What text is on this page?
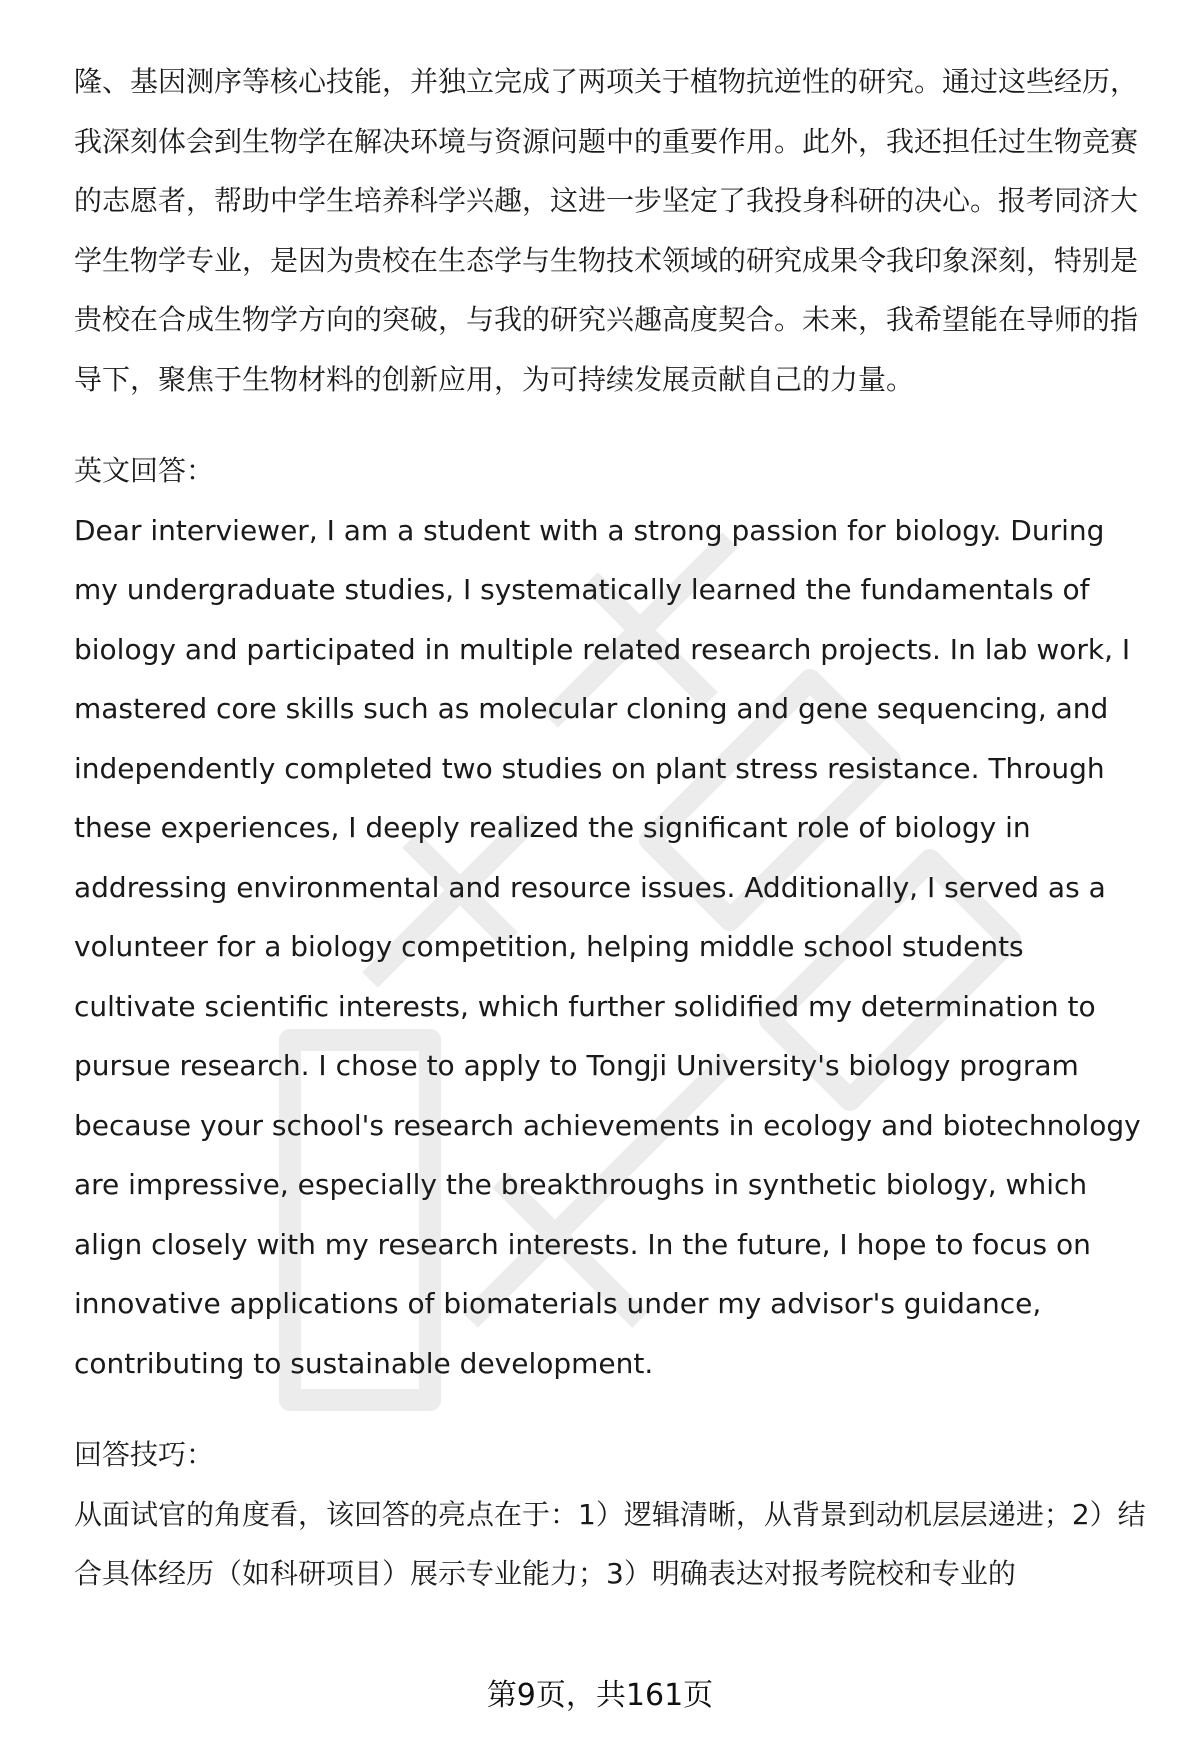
隆、基因测序等核心技能，并独立完成了两项关于植物抗逆性的研究。通过这些经历，我深刻体会到生物学在解决环境与资源问题中的重要作用。此外，我还担任过生物竞赛的志愿者，帮助中学生培养科学兴趣，这进一步坚定了我投身科研的决心。报考同济大学生物学专业，是因为贵校在生态学与生物技术领域的研究成果令我印象深刻，特别是贵校在合成生物学方向的突破，与我的研究兴趣高度契合。未来，我希望能在导师的指导下，聚焦于生物材料的创新应用，为可持续发展贡献自己的力量。

英文回答：

Dear interviewer, I am a student with a strong passion for biology. During my undergraduate studies, I systematically learned the fundamentals of biology and participated in multiple related research projects. In lab work, I mastered core skills such as molecular cloning and gene sequencing, and independently completed two studies on plant stress resistance. Through these experiences, I deeply realized the significant role of biology in addressing environmental and resource issues. Additionally, I served as a volunteer for a biology competition, helping middle school students cultivate scientific interests, which further solidified my determination to pursue research. I chose to apply to Tongji University's biology program because your school's research achievements in ecology and biotechnology are impressive, especially the breakthroughs in synthetic biology, which align closely with my research interests. In the future, I hope to focus on innovative applications of biomaterials under my advisor's guidance, contributing to sustainable development.

回答技巧：

从面试官的角度看，该回答的亮点在于：1）逻辑清晰，从背景到动机层层递进；2）结合具体经历（如科研项目）展示专业能力；3）明确表达对报考院校和专业的

第9页，共161页
